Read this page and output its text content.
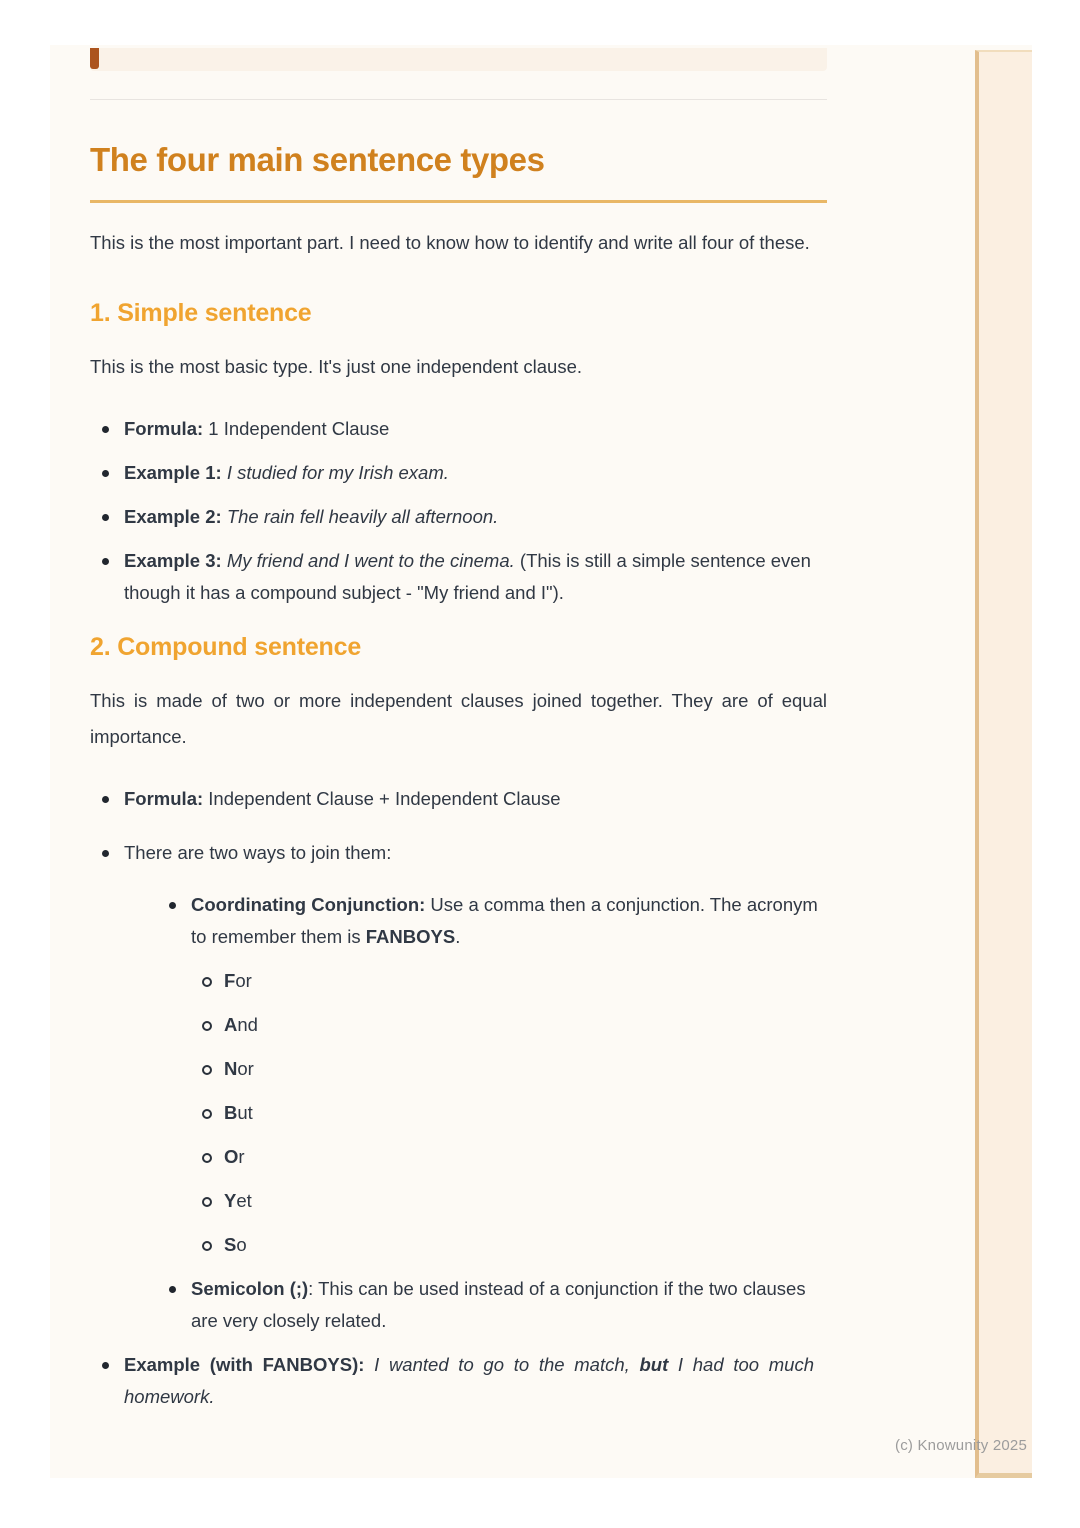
The four main sentence types

This is the most important part. I need to know how to identify and write all four of these.

1. Simple sentence

This is the most basic type. It's just one independent clause.

Formula: 1 Independent Clause
Example 1: I studied for my Irish exam.
Example 2: The rain fell heavily all afternoon.
Example 3: My friend and I went to the cinema. (This is still a simple sentence even though it has a compound subject - "My friend and I").
2. Compound sentence

This is made of two or more independent clauses joined together. They are of equal importance.

Formula: Independent Clause + Independent Clause
There are two ways to join them:
Coordinating Conjunction: Use a comma then a conjunction. The acronym to remember them is FANBOYS.
For
And
Nor
But
Or
Yet
So
Semicolon (;): This can be used instead of a conjunction if the two clauses are very closely related.
Example (with FANBOYS): I wanted to go to the match, but I had too much homework.
(c) Knowunity 2025
